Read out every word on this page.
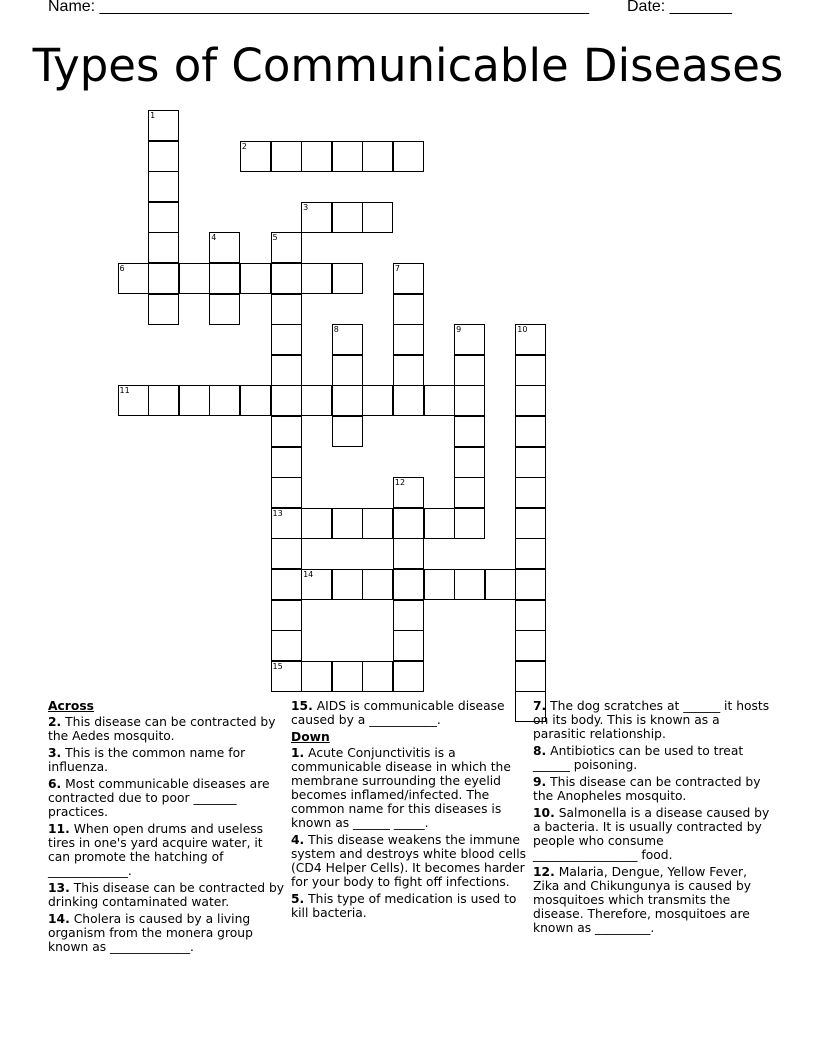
Name: _______________________________________________________ Date: _______
Types of Communicable Diseases
1
2
3
4	5
13
15
6	7
8	9	10
11
12
14
Across
2. This disease can be contracted by the Aedes mosquito.
3. This is the common name for influenza.
6. Most communicable diseases are contracted due to poor _______ practices.
11. When open drums and useless tires in one's yard acquire water, it can promote the hatching of _____________.
13. This disease can be contracted by drinking contaminated water.
14. Cholera is caused by a living organism from the monera group known as _____________.
15. AIDS is communicable disease caused by a ___________.
Down
1. Acute Conjunctivitis is a communicable disease in which the membrane surrounding the eyelid becomes inflamed/infected. The common name for this diseases is known as ______ _____.
4. This disease weakens the immune system and destroys white blood cells (CD4 Helper Cells). It becomes harder for your body to fight off infections.
5. This type of medication is used to kill bacteria.
7. The dog scratches at ______ it hosts on its body. This is known as a parasitic relationship.
8. Antibiotics can be used to treat ______ poisoning.
9. This disease can be contracted by the Anopheles mosquito.
10. Salmonella is a disease caused by a bacteria. It is usually contracted by people who consume _________________ food.
12. Malaria, Dengue, Yellow Fever, Zika and Chikungunya is caused by mosquitoes which transmits the disease. Therefore, mosquitoes are known as _________.
